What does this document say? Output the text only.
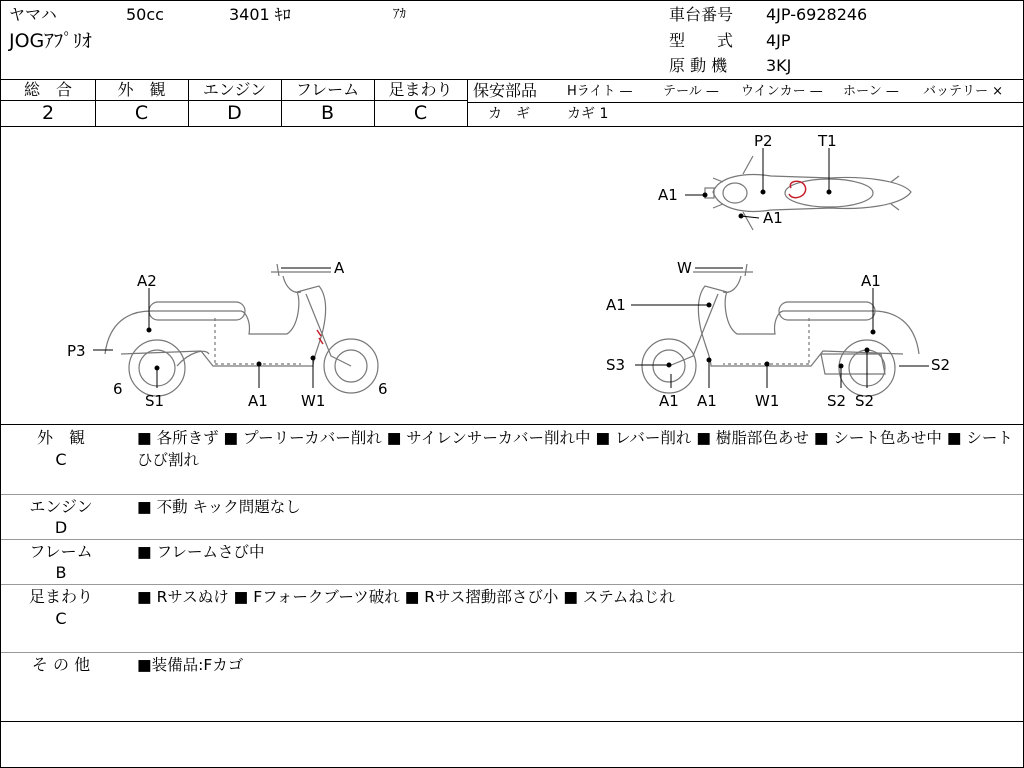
ヤマハ	50cc	3401 ｷﾛ	ｱｶ
JOGｱﾌﾟﾘｵ
車台番号 4JP-6928246
型　　式 4JP
原 動 機 3KJ
総　合	外　観	エンジン	フレーム	足まわり
2	C	D	B	C
保安部品 Hライト — テール — ウインカー — ホーン — バッテリー ×
カ　ギ	カギ 1
P2	T1
A1
A1
A
A2
P3
6
S1	A1 W1
6
W
A1
A1
S3	S2
A1 A1	W1	S2 S2
外　観
C
■ 各所きず ■ プーリーカバー削れ ■ サイレンサーカバー削れ中 ■ レバー削れ ■ 樹脂部色あせ ■ シート色あせ中 ■ シートひび割れ
エンジン
D
■ 不動 キック問題なし
フレーム
B
■ フレームさび中
足まわり
C
■ Rサスぬけ ■ Fフォークブーツ破れ ■ Rサス摺動部さび小 ■ ステムねじれ
そ の 他	■装備品:Fカゴ
